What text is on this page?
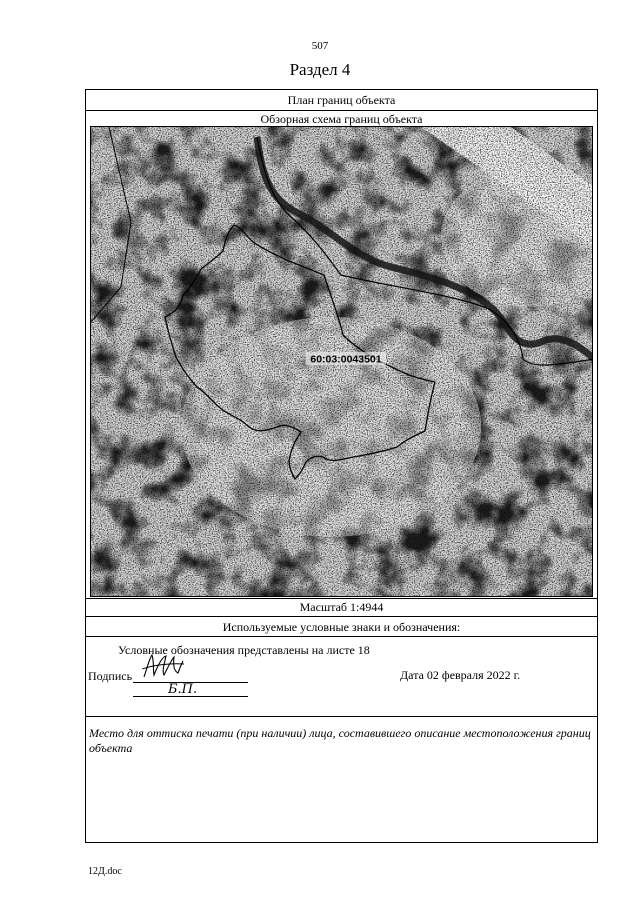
507
Раздел 4
План границ объекта
Обзорная схема границ объекта
60:03:0043501
Масштаб 1:4944
Используемые условные знаки и обозначения:
Условные обозначения представлены на листе 18
Подпись
Б.П.
Дата 02 февраля 2022 г.
Место для оттиска печати (при наличии) лица, составившего описание местоположения границ объекта
12Д.doc
